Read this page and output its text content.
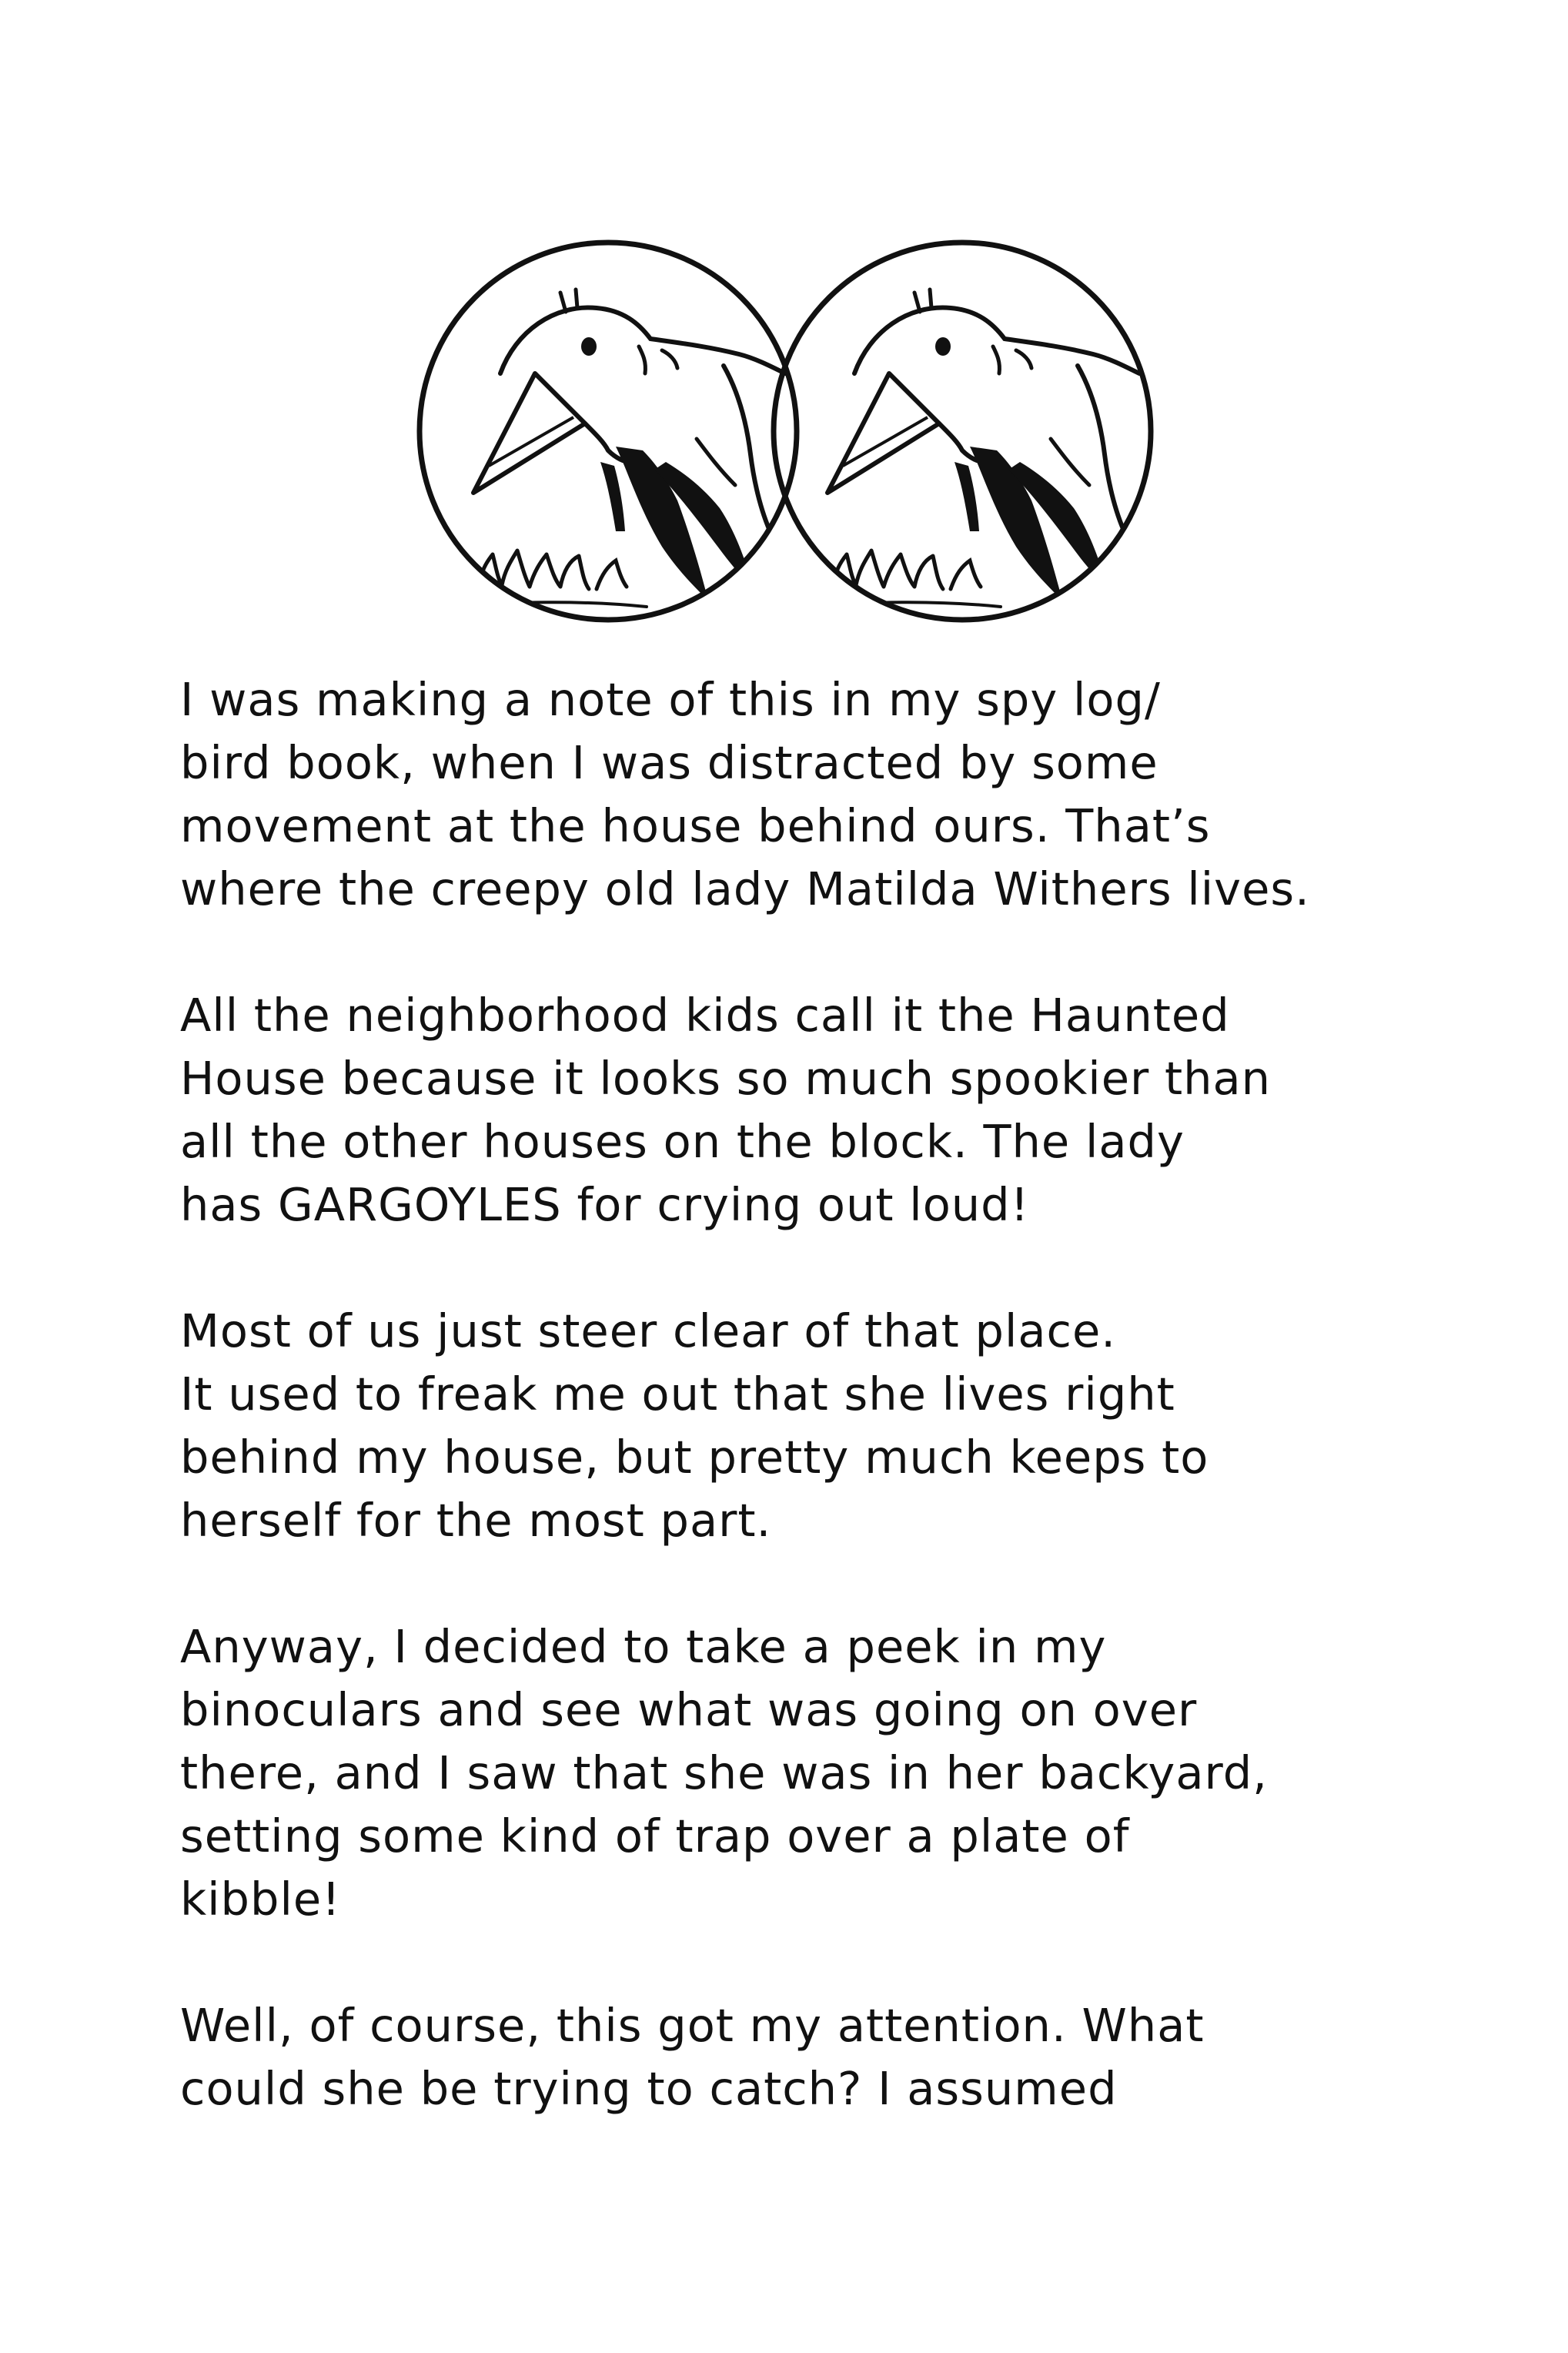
I was making a note of this in my spy log/
bird book, when I was distracted by some
movement at the house behind ours. That’s
where the creepy old lady Matilda Withers lives.

All the neighborhood kids call it the Haunted
House because it looks so much spookier than
all the other houses on the block. The lady
has GARGOYLES for crying out loud!

Most of us just steer clear of that place.
It used to freak me out that she lives right
behind my house, but pretty much keeps to
herself for the most part.

Anyway, I decided to take a peek in my
binoculars and see what was going on over
there, and I saw that she was in her backyard,
setting some kind of trap over a plate of
kibble!

Well, of course, this got my attention. What
could she be trying to catch? I assumed
